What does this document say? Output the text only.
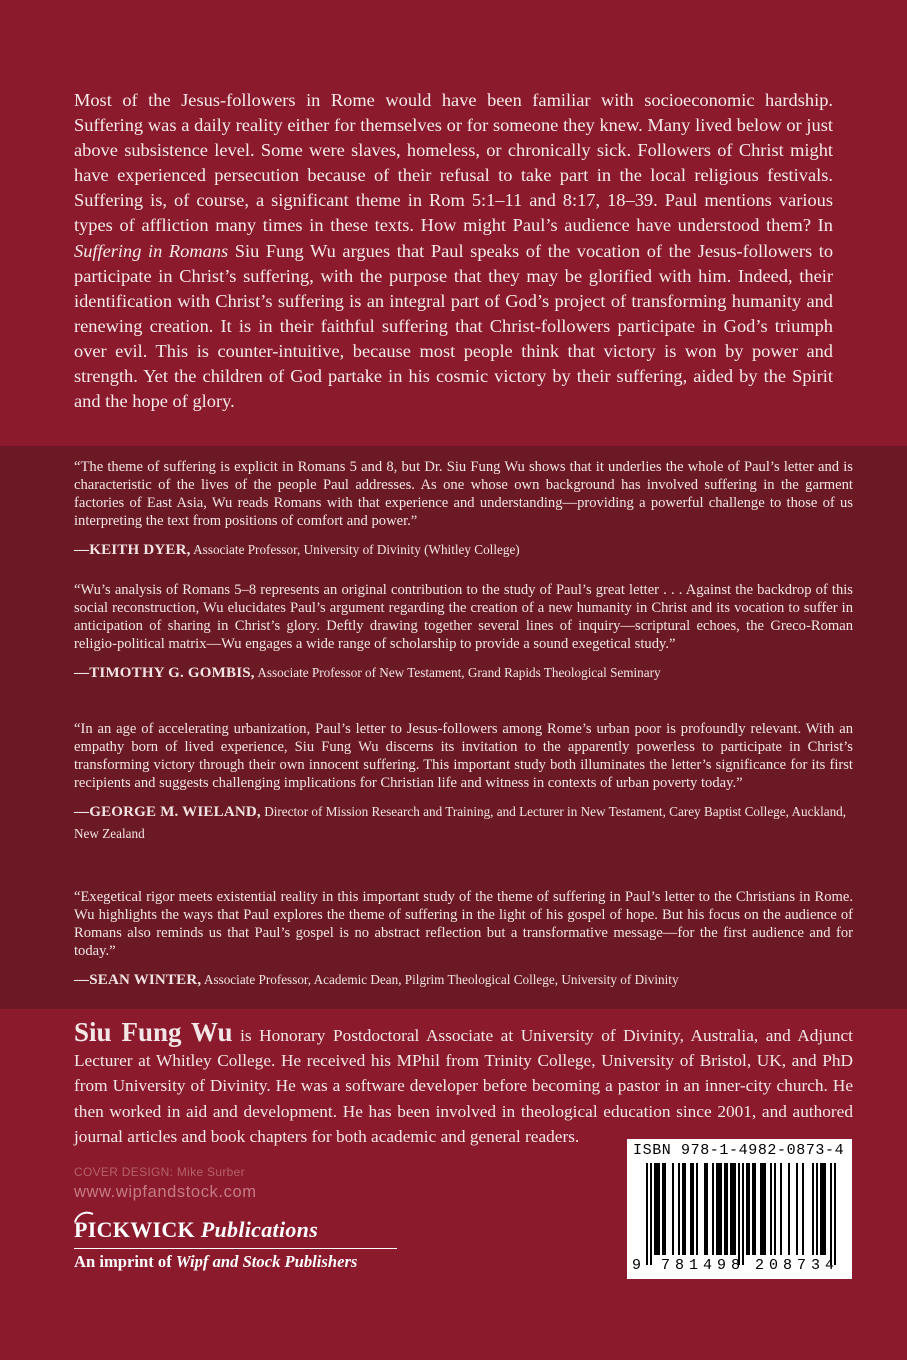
Most of the Jesus-followers in Rome would have been familiar with socioeconomic hardship. Suffering was a daily reality either for themselves or for someone they knew. Many lived below or just above subsistence level. Some were slaves, homeless, or chronically sick. Followers of Christ might have experienced persecution because of their refusal to take part in the local religious festivals. Suffering is, of course, a significant theme in Rom 5:1–11 and 8:17, 18–39. Paul mentions various types of affliction many times in these texts. How might Paul’s audience have understood them? In Suffering in Romans Siu Fung Wu argues that Paul speaks of the vocation of the Jesus-followers to participate in Christ’s suffering, with the purpose that they may be glorified with him. Indeed, their identification with Christ’s suffering is an integral part of God’s project of transforming humanity and renewing creation. It is in their faithful suffering that Christ-followers participate in God’s triumph over evil. This is counter-intuitive, because most people think that victory is won by power and strength. Yet the children of God partake in his cosmic victory by their suffering, aided by the Spirit and the hope of glory.

“The theme of suffering is explicit in Romans 5 and 8, but Dr. Siu Fung Wu shows that it underlies the whole of Paul’s letter and is characteristic of the lives of the people Paul addresses. As one whose own background has involved suffering in the garment factories of East Asia, Wu reads Romans with that experience and understanding—providing a powerful challenge to those of us interpreting the text from positions of comfort and power.”

—KEITH DYER, Associate Professor, University of Divinity (Whitley College)

“Wu’s analysis of Romans 5–8 represents an original contribution to the study of Paul’s great letter . . . Against the backdrop of this social reconstruction, Wu elucidates Paul’s argument regarding the creation of a new humanity in Christ and its vocation to suffer in anticipation of sharing in Christ’s glory. Deftly drawing together several lines of inquiry—scriptural echoes, the Greco-Roman religio-political matrix—Wu engages a wide range of scholarship to provide a sound exegetical study.”

—TIMOTHY G. GOMBIS, Associate Professor of New Testament, Grand Rapids Theological Seminary

“In an age of accelerating urbanization, Paul’s letter to Jesus-followers among Rome’s urban poor is profoundly relevant. With an empathy born of lived experience, Siu Fung Wu discerns its invitation to the apparently powerless to participate in Christ’s transforming victory through their own innocent suffering. This important study both illuminates the letter’s significance for its first recipients and suggests challenging implications for Christian life and witness in contexts of urban poverty today.”

—GEORGE M. WIELAND, Director of Mission Research and Training, and Lecturer in New Testament, Carey Baptist College, Auckland, New Zealand

“Exegetical rigor meets existential reality in this important study of the theme of suffering in Paul’s letter to the Christians in Rome. Wu highlights the ways that Paul explores the theme of suffering in the light of his gospel of hope. But his focus on the audience of Romans also reminds us that Paul’s gospel is no abstract reflection but a transformative message—for the first audience and for today.”

—SEAN WINTER, Associate Professor, Academic Dean, Pilgrim Theological College, University of Divinity

Siu Fung Wu is Honorary Postdoctoral Associate at University of Divinity, Australia, and Adjunct Lecturer at Whitley College. He received his MPhil from Trinity College, University of Bristol, UK, and PhD from University of Divinity. He was a software developer before becoming a pastor in an inner-city church. He then worked in aid and development. He has been involved in theological education since 2001, and authored journal articles and book chapters for both academic and general readers.

COVER DESIGN: Mike Surber
www.wipfandstock.com
PICKWICK Publications
An imprint of Wipf and Stock Publishers
ISBN 978-1-4982-0873-4
9 781498 208734
